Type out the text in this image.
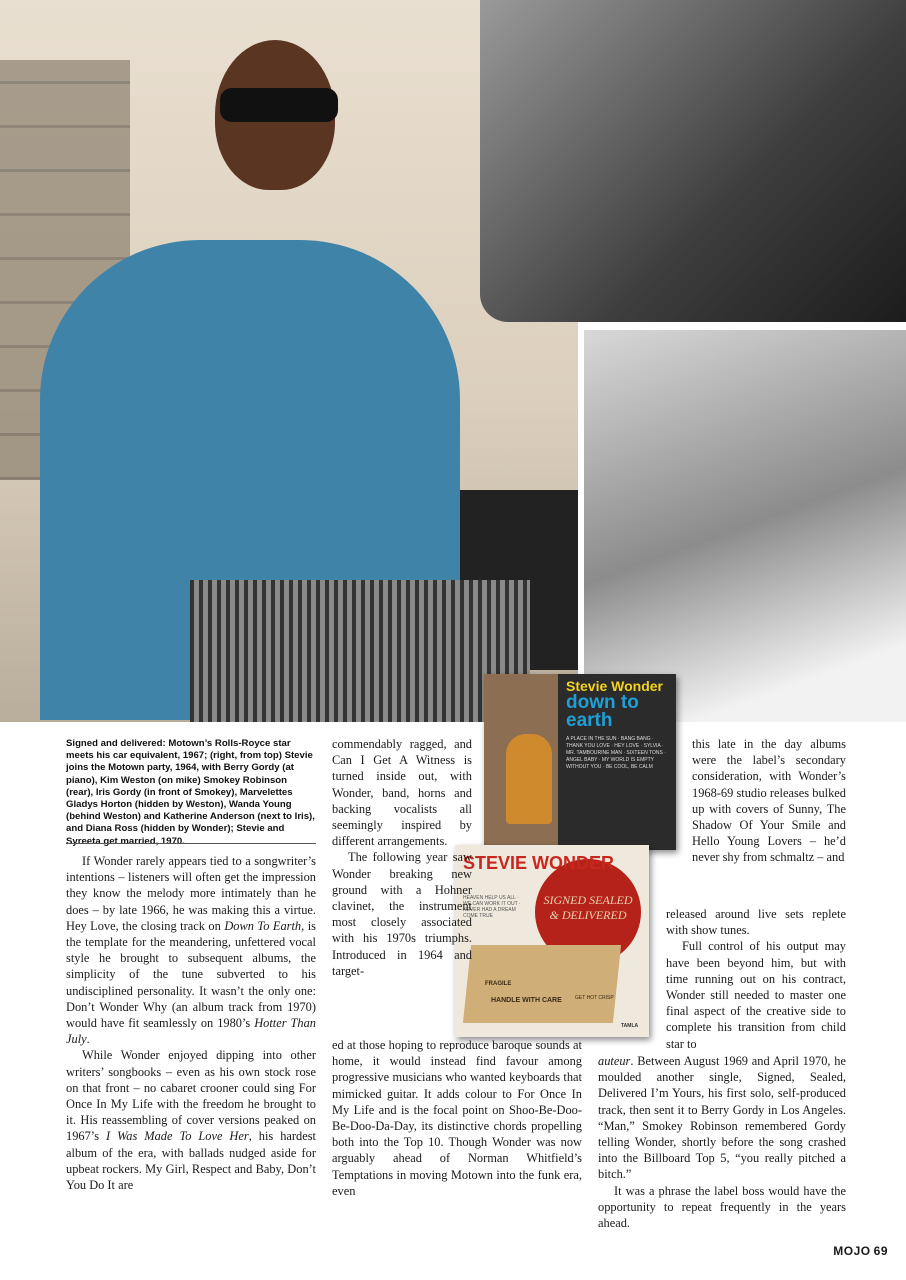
Stevie Wonder
down to earth
A PLACE IN THE SUN · BANG BANG · THANK YOU LOVE · HEY LOVE · SYLVIA · MR. TAMBOURINE MAN · SIXTEEN TONS · ANGEL BABY · MY WORLD IS EMPTY WITHOUT YOU · BE COOL, BE CALM
SIGNED SEALED & DELIVERED
STEVIE WONDER
HEAVEN HELP US ALL · WE CAN WORK IT OUT · NEVER HAD A DREAM COME TRUE
FRAGILE
HANDLE WITH CARE	GET HOT CRISP
TAMLA
Signed and delivered: Motown’s Rolls-Royce star meets his car equivalent, 1967; (right, from top) Stevie joins the Motown party, 1964, with Berry Gordy (at piano), Kim Weston (on mike) Smokey Robinson (rear), Iris Gordy (in front of Smokey), Marvelettes Gladys Horton (hidden by Weston), Wanda Young (behind Weston) and Katherine Anderson (next to Iris), and Diana Ross (hidden by Wonder); Stevie and Syreeta get married, 1970.

If Wonder rarely appears tied to a songwriter’s intentions – listeners will often get the impression they know the melody more intimately than he does – by late 1966, he was making this a virtue. Hey Love, the closing track on Down To Earth, is the template for the meandering, unfettered vocal style he brought to subsequent albums, the simplicity of the tune subverted to his undisciplined personality. It wasn’t the only one: Don’t Wonder Why (an album track from 1970) would have fit seamlessly on 1980’s Hotter Than July.

While Wonder enjoyed dipping into other writers’ songbooks – even as his own stock rose on that front – no cabaret crooner could sing For Once In My Life with the freedom he brought to it. His reassembling of cover versions peaked on 1967’s I Was Made To Love Her, his hardest album of the era, with ballads nudged aside for upbeat rockers. My Girl, Respect and Baby, Don’t You Do It are

commendably ragged, and Can I Get A Witness is turned inside out, with Wonder, band, horns and backing vocalists all seemingly inspired by different arrangements.

The following year saw Wonder breaking new ground with a Hohner clavinet, the instrument most closely associated with his 1970s triumphs. Introduced in 1964 and target-

ed at those hoping to reproduce baroque sounds at home, it would instead find favour among progressive musicians who wanted keyboards that mimicked guitar. It adds colour to For Once In My Life and is the focal point on Shoo-Be-Doo-Be-Doo-Da-Day, its distinctive chords propelling both into the Top 10. Though Wonder was now arguably ahead of Norman Whitfield’s Temptations in moving Motown into the funk era, even

this late in the day albums were the label’s secondary consideration, with Wonder’s 1968-69 studio releases bulked up with covers of Sunny, The Shadow Of Your Smile and Hello Young Lovers – he’d never shy from schmaltz – and

released around live sets replete with show tunes.

Full control of his output may have been beyond him, but with time running out on his contract, Wonder still needed to master one final aspect of the creative side to complete his transition from child star to

auteur. Between August 1969 and April 1970, he moulded another single, Signed, Sealed, Delivered I’m Yours, his first solo, self-produced track, then sent it to Berry Gordy in Los Angeles. “Man,” Smokey Robinson remembered Gordy telling Wonder, shortly before the song crashed into the Billboard Top 5, “you really pitched a bitch.”

It was a phrase the label boss would have the opportunity to repeat frequently in the years ahead.

MOJO 69
